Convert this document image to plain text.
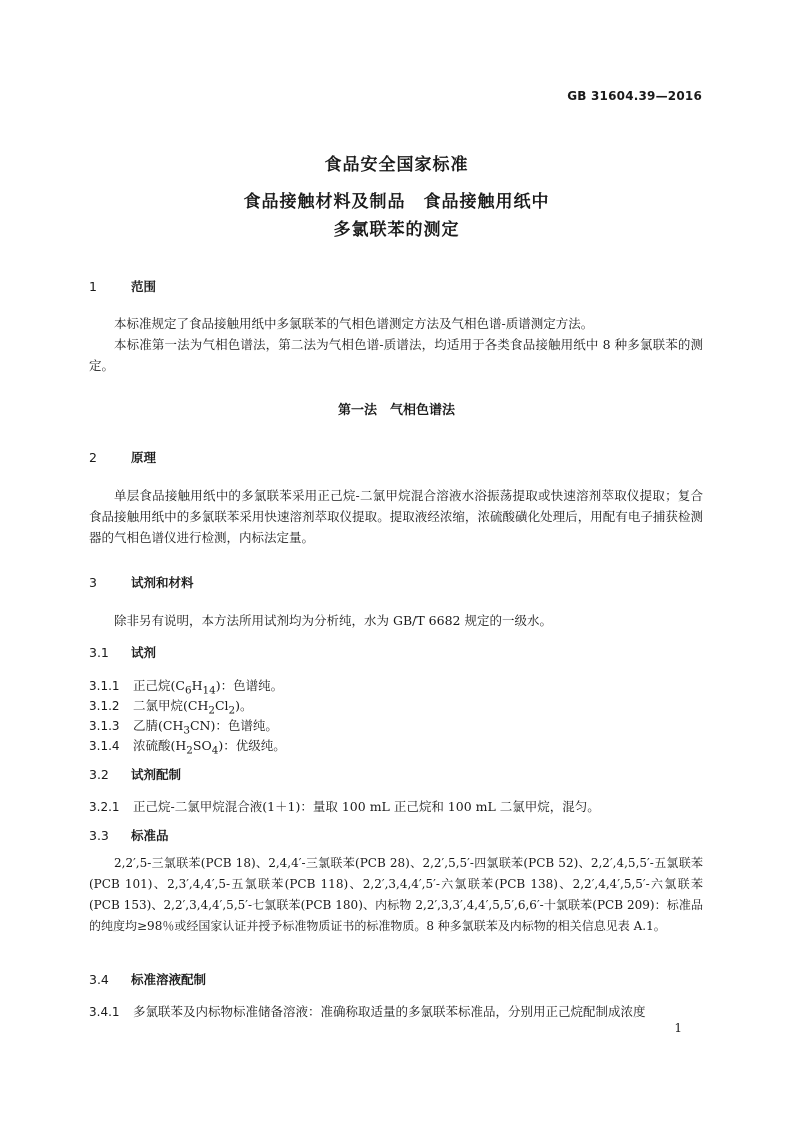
GB 31604.39—2016
食品安全国家标准
食品接触材料及制品　食品接触用纸中
多氯联苯的测定
1	范围

本标准规定了食品接触用纸中多氯联苯的气相色谱测定方法及气相色谱-质谱测定方法。

本标准第一法为气相色谱法，第二法为气相色谱-质谱法，均适用于各类食品接触用纸中 8 种多氯联苯的测定。

第一法　气相色谱法
2	原理

单层食品接触用纸中的多氯联苯采用正己烷-二氯甲烷混合溶液水浴振荡提取或快速溶剂萃取仪提取；复合食品接触用纸中的多氯联苯采用快速溶剂萃取仪提取。提取液经浓缩，浓硫酸磺化处理后，用配有电子捕获检测器的气相色谱仪进行检测，内标法定量。

3	试剂和材料

除非另有说明，本方法所用试剂均为分析纯，水为 GB/T 6682 规定的一级水。

3.1 试剂
3.1.1 正己烷$(C_6H_{14})$：色谱纯。
3.1.2 二氯甲烷$(CH_2Cl_2)$。
3.1.3 乙腈$(CH_3CN)$：色谱纯。
3.1.4 浓硫酸$(H_2SO_4)$：优级纯。
3.2 试剂配制
3.2.1 正己烷-二氯甲烷混合液(1＋1)：量取 100 mL 正己烷和 100 mL 二氯甲烷，混匀。
3.3 标准品

2,2′,5-三氯联苯(PCB 18)、2,4,4′-三氯联苯(PCB 28)、2,2′,5,5′-四氯联苯(PCB 52)、2,2′,4,5,5′-五氯联苯(PCB 101)、2,3′,4,4′,5-五氯联苯(PCB 118)、2,2′,3,4,4′,5′-六氯联苯(PCB 138)、2,2′,4,4′,5,5′-六氯联苯(PCB 153)、2,2′,3,4,4′,5,5′-七氯联苯(PCB 180)、内标物 2,2′,3,3′,4,4′,5,5′,6,6′-十氯联苯(PCB 209)：标准品的纯度均≥98％或经国家认证并授予标准物质证书的标准物质。8 种多氯联苯及内标物的相关信息见表 A.1。

3.4 标准溶液配制
3.4.1 多氯联苯及内标物标准储备溶液：准确称取适量的多氯联苯标准品，分别用正己烷配制成浓度
1
